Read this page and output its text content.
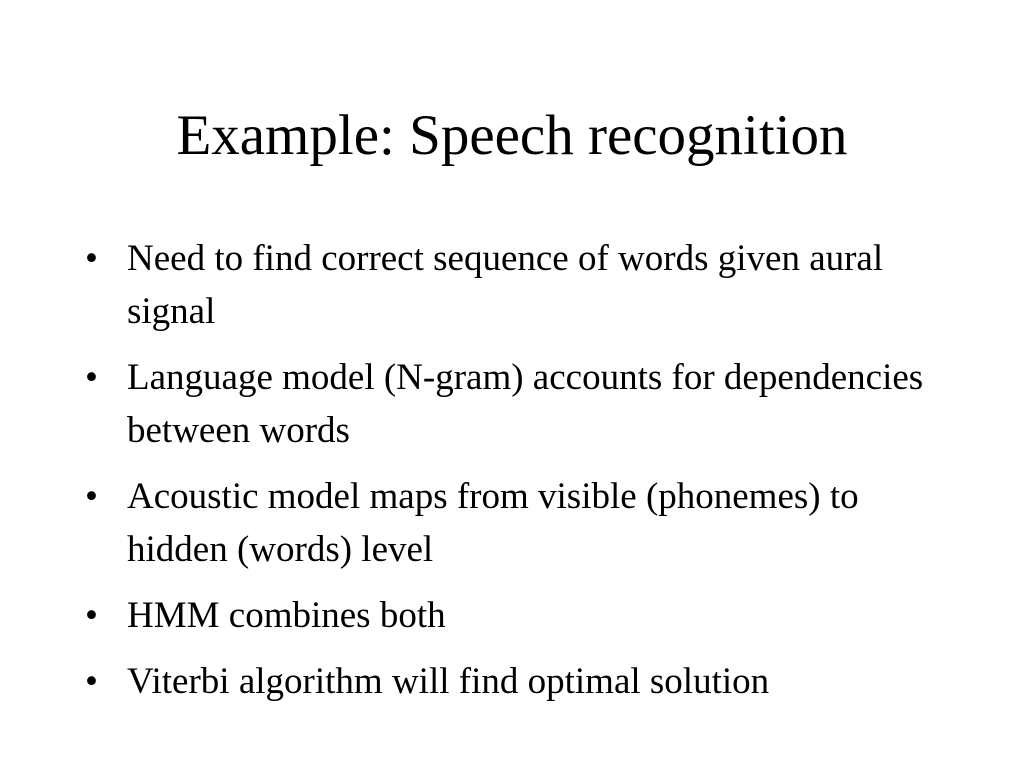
Example: Speech recognition
• Need to find correct sequence of words given aural signal
• Language model (N-gram) accounts for dependencies between words
• Acoustic model maps from visible (phonemes) to hidden (words) level
• HMM combines both
• Viterbi algorithm will find optimal solution
